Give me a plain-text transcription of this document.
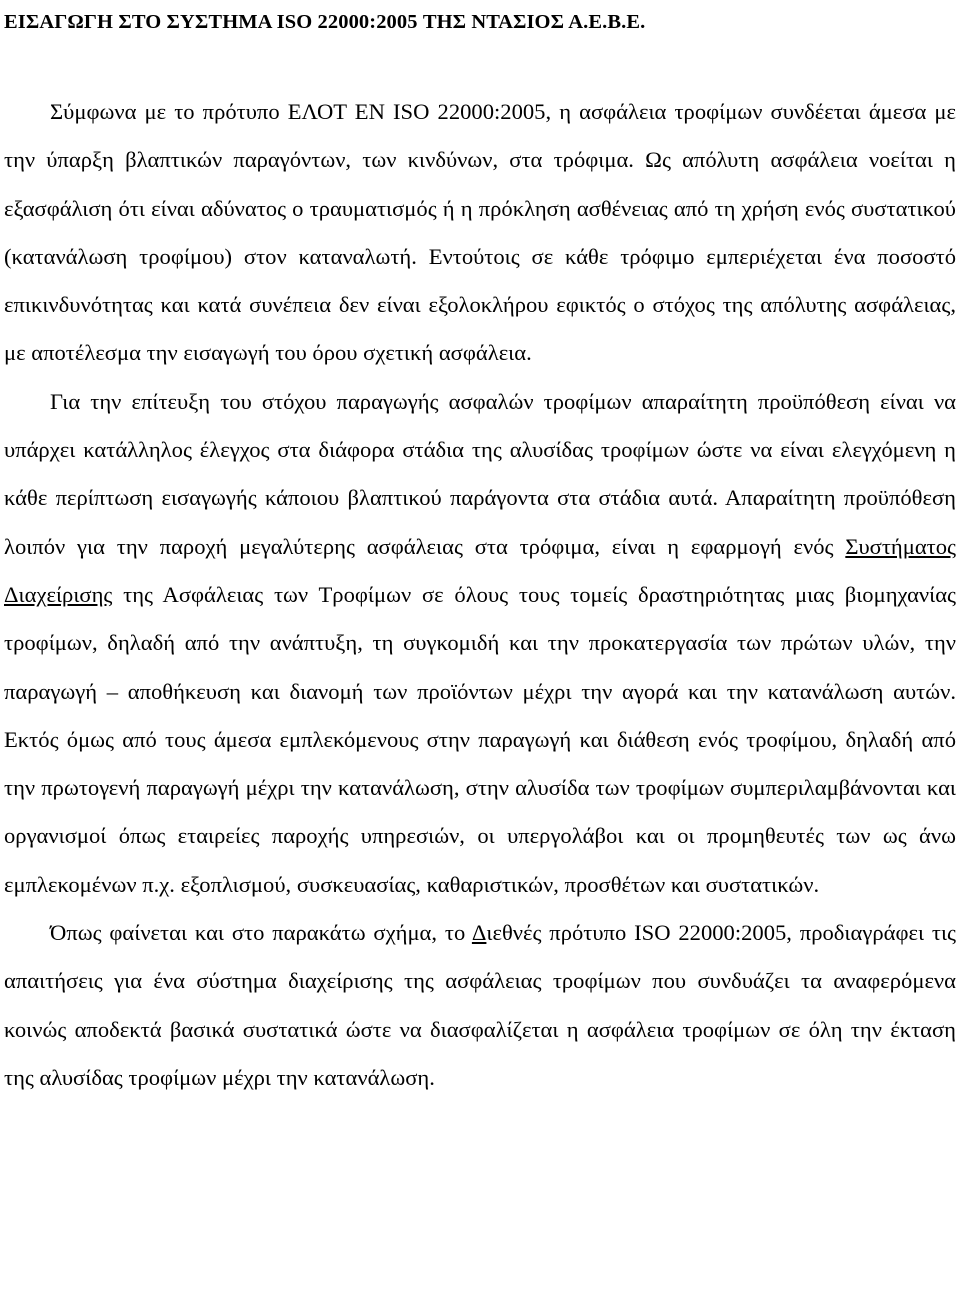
ΕΙΣΑΓΩΓΗ ΣΤΟ ΣΥΣΤΗΜΑ ISO 22000:2005 ΤΗΣ ΝΤΑΣΙΟΣ Α.Ε.Β.Ε.

Σύμφωνα με το πρότυπο ΕΛΟΤ ΕΝ ISO 22000:2005, η ασφάλεια τροφίμων συνδέεται άμεσα με την ύπαρξη βλαπτικών παραγόντων, των κινδύνων, στα τρόφιμα. Ως απόλυτη ασφάλεια νοείται η εξασφάλιση ότι είναι αδύνατος ο τραυματισμός ή η πρόκληση ασθένειας από τη χρήση ενός συστατικού (κατανάλωση τροφίμου) στον καταναλωτή. Εντούτοις σε κάθε τρόφιμο εμπεριέχεται ένα ποσοστό επικινδυνότητας και κατά συνέπεια δεν είναι εξολοκλήρου εφικτός ο στόχος της απόλυτης ασφάλειας, με αποτέλεσμα την εισαγωγή του όρου σχετική ασφάλεια.

Για την επίτευξη του στόχου παραγωγής ασφαλών τροφίμων απαραίτητη προϋπόθεση είναι να υπάρχει κατάλληλος έλεγχος στα διάφορα στάδια της αλυσίδας τροφίμων ώστε να είναι ελεγχόμενη η κάθε περίπτωση εισαγωγής κάποιου βλαπτικού παράγοντα στα στάδια αυτά. Απαραίτητη προϋπόθεση λοιπόν για την παροχή μεγαλύτερης ασφάλειας στα τρόφιμα, είναι η εφαρμογή ενός Συστήματος Διαχείρισης της Ασφάλειας των Τροφίμων σε όλους τους τομείς δραστηριότητας μιας βιομηχανίας τροφίμων, δηλαδή από την ανάπτυξη, τη συγκομιδή και την προκατεργασία των πρώτων υλών, την παραγωγή – αποθήκευση και διανομή των προϊόντων μέχρι την αγορά και την κατανάλωση αυτών. Εκτός όμως από τους άμεσα εμπλεκόμενους στην παραγωγή και διάθεση ενός τροφίμου, δηλαδή από την πρωτογενή παραγωγή μέχρι την κατανάλωση, στην αλυσίδα των τροφίμων συμπεριλαμβάνονται και οργανισμοί όπως εταιρείες παροχής υπηρεσιών, οι υπεργολάβοι και οι προμηθευτές των ως άνω εμπλεκομένων π.χ. εξοπλισμού, συσκευασίας, καθαριστικών, προσθέτων και συστατικών.

Όπως φαίνεται και στο παρακάτω σχήμα, το Διεθνές πρότυπο ISO 22000:2005, προδιαγράφει τις απαιτήσεις για ένα σύστημα διαχείρισης της ασφάλειας τροφίμων που συνδυάζει τα αναφερόμενα κοινώς αποδεκτά βασικά συστατικά ώστε να διασφαλίζεται η ασφάλεια τροφίμων σε όλη την έκταση της αλυσίδας τροφίμων μέχρι την κατανάλωση.
